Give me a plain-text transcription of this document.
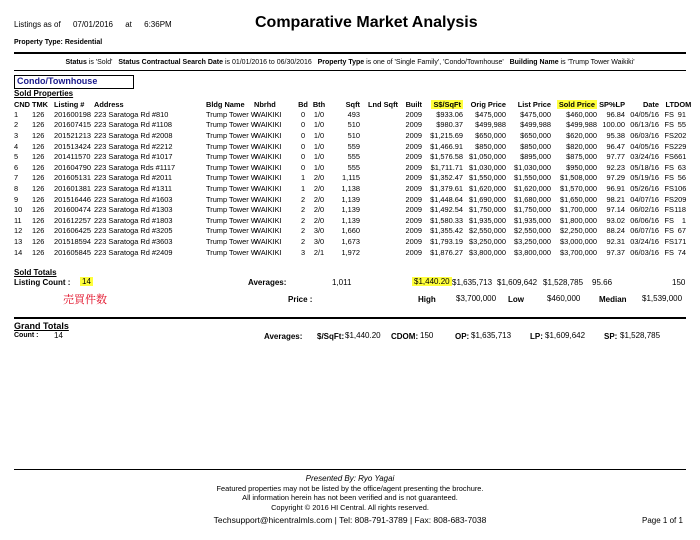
Listings as of 07/01/2016 at 6:36PM	Comparative Market Analysis
Property Type: Residential
Status is 'Sold' Status Contractual Search Date is 01/01/2016 to 06/30/2016 Property Type is one of 'Single Family', 'Condo/Townhouse' Building Name is 'Trump Tower Waikiki'
Condo/Townhouse
Sold Properties
CND	TMK	Listing #	Address	Bldg Name	Nbrhd	Bd	Bth	Sqft	Lnd Sqft	Built	S$/SqFt	Orig Price	List Price	Sold Price	SP%LP	Date	LT	DOM
1	126	201600198	223 Saratoga Rd #810	Trump Tower W	WAIKIKI	0	1/0	493		2009	$933.06	$475,000	$475,000	$460,000	96.84	04/05/16	FS	91
2	126	201607415	223 Saratoga Rd #1108	Trump Tower W	WAIKIKI	0	1/0	510		2009	$980.37	$499,988	$499,988	$499,988	100.00	06/13/16	FS	55
3	126	201521213	223 Saratoga Rd #2008	Trump Tower W	WAIKIKI	0	1/0	510		2009	$1,215.69	$650,000	$650,000	$620,000	95.38	06/03/16	FS	202
4	126	201513424	223 Saratoga Rd #2212	Trump Tower W	WAIKIKI	0	1/0	559		2009	$1,466.91	$850,000	$850,000	$820,000	96.47	04/05/16	FS	229
5	126	201411570	223 Saratoga Rd #1017	Trump Tower W	WAIKIKI	0	1/0	555		2009	$1,576.58	$1,050,000	$895,000	$875,000	97.77	03/24/16	FS	661
6	126	201604790	223 Saratoga Rds #1117	Trump Tower W	WAIKIKI	0	1/0	555		2009	$1,711.71	$1,030,000	$1,030,000	$950,000	92.23	05/18/16	FS	63
7	126	201605131	223 Saratoga Rd #2011	Trump Tower W	WAIKIKI	1	2/0	1,115		2009	$1,352.47	$1,550,000	$1,550,000	$1,508,000	97.29	05/19/16	FS	56
8	126	201601381	223 Saratoga Rd #1311	Trump Tower W	WAIKIKI	1	2/0	1,138		2009	$1,379.61	$1,620,000	$1,620,000	$1,570,000	96.91	05/26/16	FS	106
9	126	201516446	223 Saratoga Rd #1603	Trump Tower W	WAIKIKI	2	2/0	1,139		2009	$1,448.64	$1,690,000	$1,680,000	$1,650,000	98.21	04/07/16	FS	209
10	126	201600474	223 Saratoga Rd #1303	Trump Tower W	WAIKIKI	2	2/0	1,139		2009	$1,492.54	$1,750,000	$1,750,000	$1,700,000	97.14	06/02/16	FS	118
11	126	201612257	223 Saratoga Rd #1803	Trump Tower W	WAIKIKI	2	2/0	1,139		2009	$1,580.33	$1,935,000	$1,935,000	$1,800,000	93.02	06/06/16	FS	1
12	126	201606425	223 Saratoga Rd #3205	Trump Tower W	WAIKIKI	2	3/0	1,660		2009	$1,355.42	$2,550,000	$2,550,000	$2,250,000	88.24	06/07/16	FS	67
13	126	201518594	223 Saratoga Rd #3603	Trump Tower W	WAIKIKI	2	3/0	1,673		2009	$1,793.19	$3,250,000	$3,250,000	$3,000,000	92.31	03/24/16	FS	171
14	126	201605845	223 Saratoga Rd #2409	Trump Tower W	WAIKIKI	3	2/1	1,972		2009	$1,876.27	$3,800,000	$3,800,000	$3,700,000	97.37	06/03/16	FS	74
Sold Totals
Listing Count : 14	Averages:	1,011	$1,440.20 $1,635,713 $1,609,642 $1,528,785 95.66	150
売買件数	Price :	High	$3,700,000 Low	$460,000 Median $1,539,000
Grand Totals
Count : 14	Averages: $/SqFt: $1,440.20 CDOM: 150	OP: $1,635,713 LP: $1,609,642 SP: $1,528,785
Presented By: Ryo Yagai
Featured properties may not be listed by the office/agent presenting the brochure.
All information herein has not been verified and is not guaranteed.
Copyright © 2016 HI Central. All rights reserved.
Techsupport@hicentralmls.com | Tel: 808-791-3789 | Fax: 808-683-7038	Page 1 of 1
